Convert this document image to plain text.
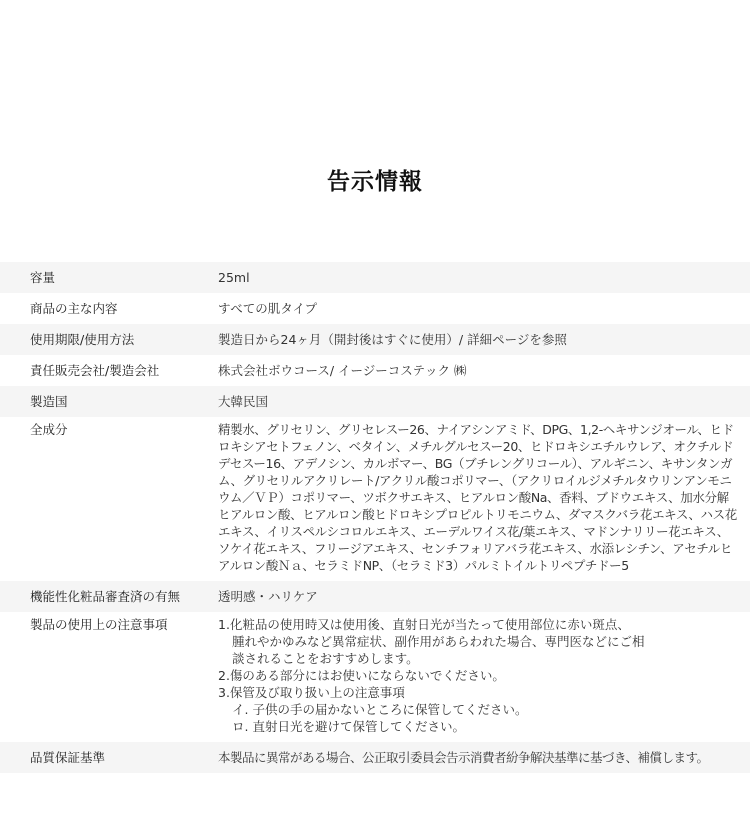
告示情報
容量	25ml
商品の主な内容	すべての肌タイプ
使用期限/使用方法	製造日から24ヶ月（開封後はすぐに使用）/ 詳細ページを参照
責任販売会社/製造会社	株式会社ボウコース/ イージーコステック ㈱
製造国	大韓民国
全成分	精製水、グリセリン、グリセレスー26、ナイアシンアミド、DPG、1,2-ヘキサンジオール、ヒドロキシアセトフェノン、ベタイン、メチルグルセスー20、ヒドロキシエチルウレア、オクチルドデセスー16、アデノシン、カルボマー、BG（ブチレングリコール）、アルギニン、キサンタンガム、グリセリルアクリレート/アクリル酸コポリマー、（アクリロイルジメチルタウリンアンモニウム／ＶＰ）コポリマー、ツボクサエキス、ヒアルロン酸Na、香料、ブドウエキス、加水分解ヒアルロン酸、ヒアルロン酸ヒドロキシプロピルトリモニウム、ダマスクバラ花エキス、ハス花エキス、イリスペルシコロルエキス、エーデルワイス花/葉エキス、マドンナリリー花エキス、ソケイ花エキス、フリージアエキス、センチフォリアバラ花エキス、水添レシチン、アセチルヒアルロン酸Ｎａ、セラミドNP、（セラミド3）パルミトイルトリペプチドー5
機能性化粧品審査済の有無	透明感・ハリケア
製品の使用上の注意事項	1.化粧品の使用時又は使用後、直射日光が当たって使用部位に赤い斑点、
腫れやかゆみなど異常症状、副作用があらわれた場合、専門医などにご相
談されることをおすすめします。
2.傷のある部分にはお使いにならないでください。
3.保管及び取り扱い上の注意事項
イ. 子供の手の届かないところに保管してください。
ロ. 直射日光を避けて保管してください。
品質保証基準	本製品に異常がある場合、公正取引委員会告示消費者紛争解決基準に基づき、補償します。
